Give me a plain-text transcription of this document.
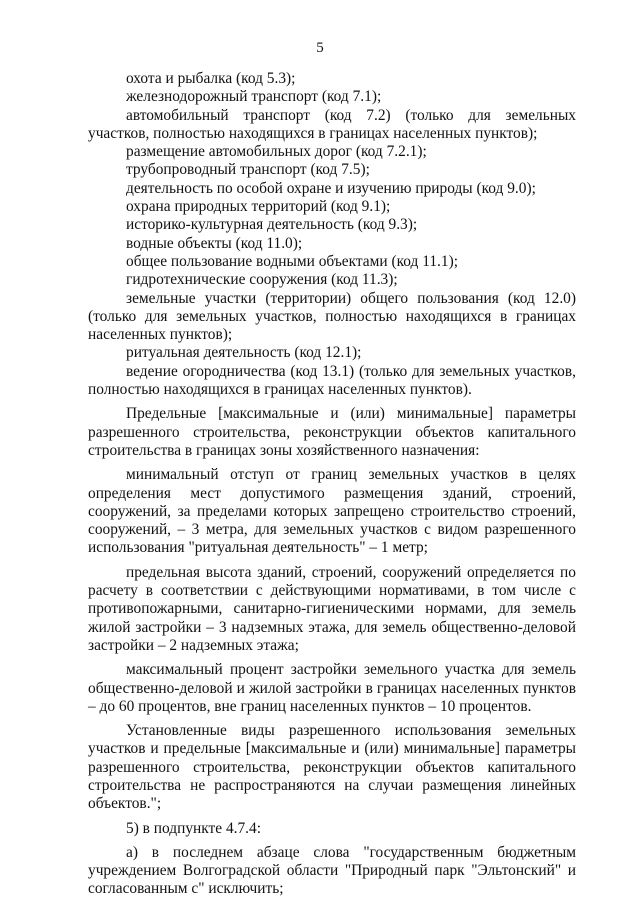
5

охота и рыбалка (код 5.3);

железнодорожный транспорт (код 7.1);

автомобильный транспорт (код 7.2) (только для земельных участков, полностью находящихся в границах населенных пунктов);

размещение автомобильных дорог (код 7.2.1);

трубопроводный транспорт (код 7.5);

деятельность по особой охране и изучению природы (код 9.0);

охрана природных территорий (код 9.1);

историко-культурная деятельность (код 9.3);

водные объекты (код 11.0);

общее пользование водными объектами (код 11.1);

гидротехнические сооружения (код 11.3);

земельные участки (территории) общего пользования (код 12.0) (только для земельных участков, полностью находящихся в границах населенных пунктов);

ритуальная деятельность (код 12.1);

ведение огородничества (код 13.1) (только для земельных участков, полностью находящихся в границах населенных пунктов).

Предельные [максимальные и (или) минимальные] параметры разрешенного строительства, реконструкции объектов капитального строительства в границах зоны хозяйственного назначения:

минимальный отступ от границ земельных участков в целях определения мест допустимого размещения зданий, строений, сооружений, за пределами которых запрещено строительство строений, сооружений, – 3 метра, для земельных участков с видом разрешенного использования "ритуальная деятельность" – 1 метр;

предельная высота зданий, строений, сооружений определяется по расчету в соответствии с действующими нормативами, в том числе с противопожарными, санитарно-гигиеническими нормами, для земель жилой застройки – 3 надземных этажа, для земель общественно-деловой застройки – 2 надземных этажа;

максимальный процент застройки земельного участка для земель общественно-деловой и жилой застройки в границах населенных пунктов – до 60 процентов, вне границ населенных пунктов – 10 процентов.

Установленные виды разрешенного использования земельных участков и предельные [максимальные и (или) минимальные] параметры разрешенного строительства, реконструкции объектов капитального строительства не распространяются на случаи размещения линейных объектов.";

5) в подпункте 4.7.4:

а) в последнем абзаце слова "государственным бюджетным учреждением Волгоградской области "Природный парк "Эльтонский" и согласованным с" исключить;
